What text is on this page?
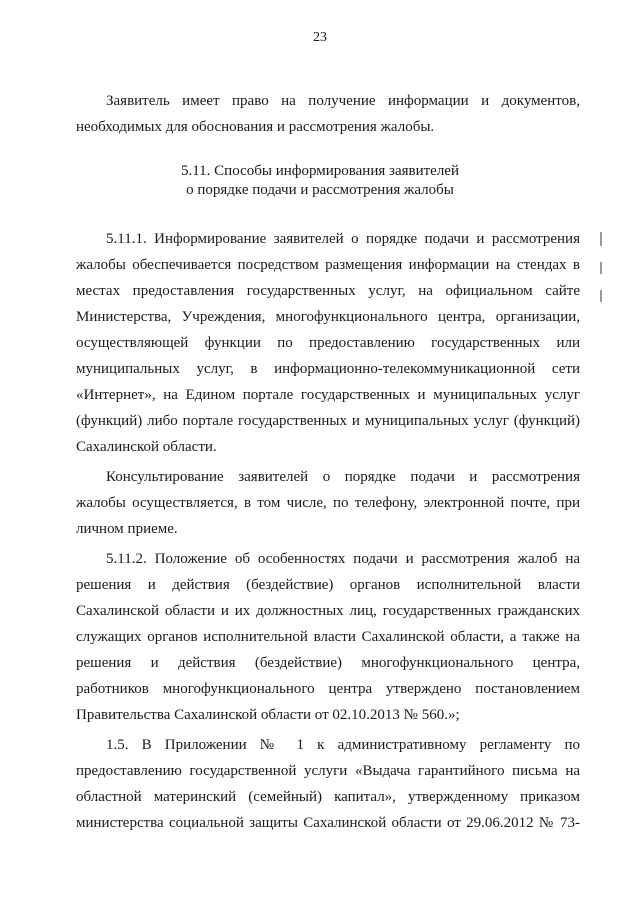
23

Заявитель имеет право на получение информации и документов,
необходимых для обоснования и рассмотрения жалобы.

5.11. Способы информирования заявителей
о порядке подачи и рассмотрения жалобы

5.11.1. Информирование заявителей о порядке подачи и рассмотрения
жалобы обеспечивается посредством размещения информации на стендах в
местах предоставления государственных услуг, на официальном сайте
Министерства, Учреждения, многофункционального центра, организации,
осуществляющей функции по предоставлению государственных или
муниципальных услуг, в информационно-телекоммуникационной сети
«Интернет», на Едином портале государственных и муниципальных услуг
(функций) либо портале государственных и муниципальных услуг (функций)
Сахалинской области.

Консультирование заявителей о порядке подачи и рассмотрения
жалобы осуществляется, в том числе, по телефону, электронной почте, при
личном приеме.

5.11.2. Положение об особенностях подачи и рассмотрения жалоб на
решения и действия (бездействие) органов исполнительной власти
Сахалинской области и их должностных лиц, государственных гражданских
служащих органов исполнительной власти Сахалинской области, а также на
решения и действия (бездействие) многофункционального центра,
работников многофункционального центра утверждено постановлением
Правительства Сахалинской области от 02.10.2013 № 560.»;

1.5. В Приложении № 1 к административному регламенту по
предоставлению государственной услуги «Выдача гарантийного письма на
областной материнский (семейный) капитал», утвержденному приказом
министерства социальной защиты Сахалинской области от 29.06.2012 № 73-
